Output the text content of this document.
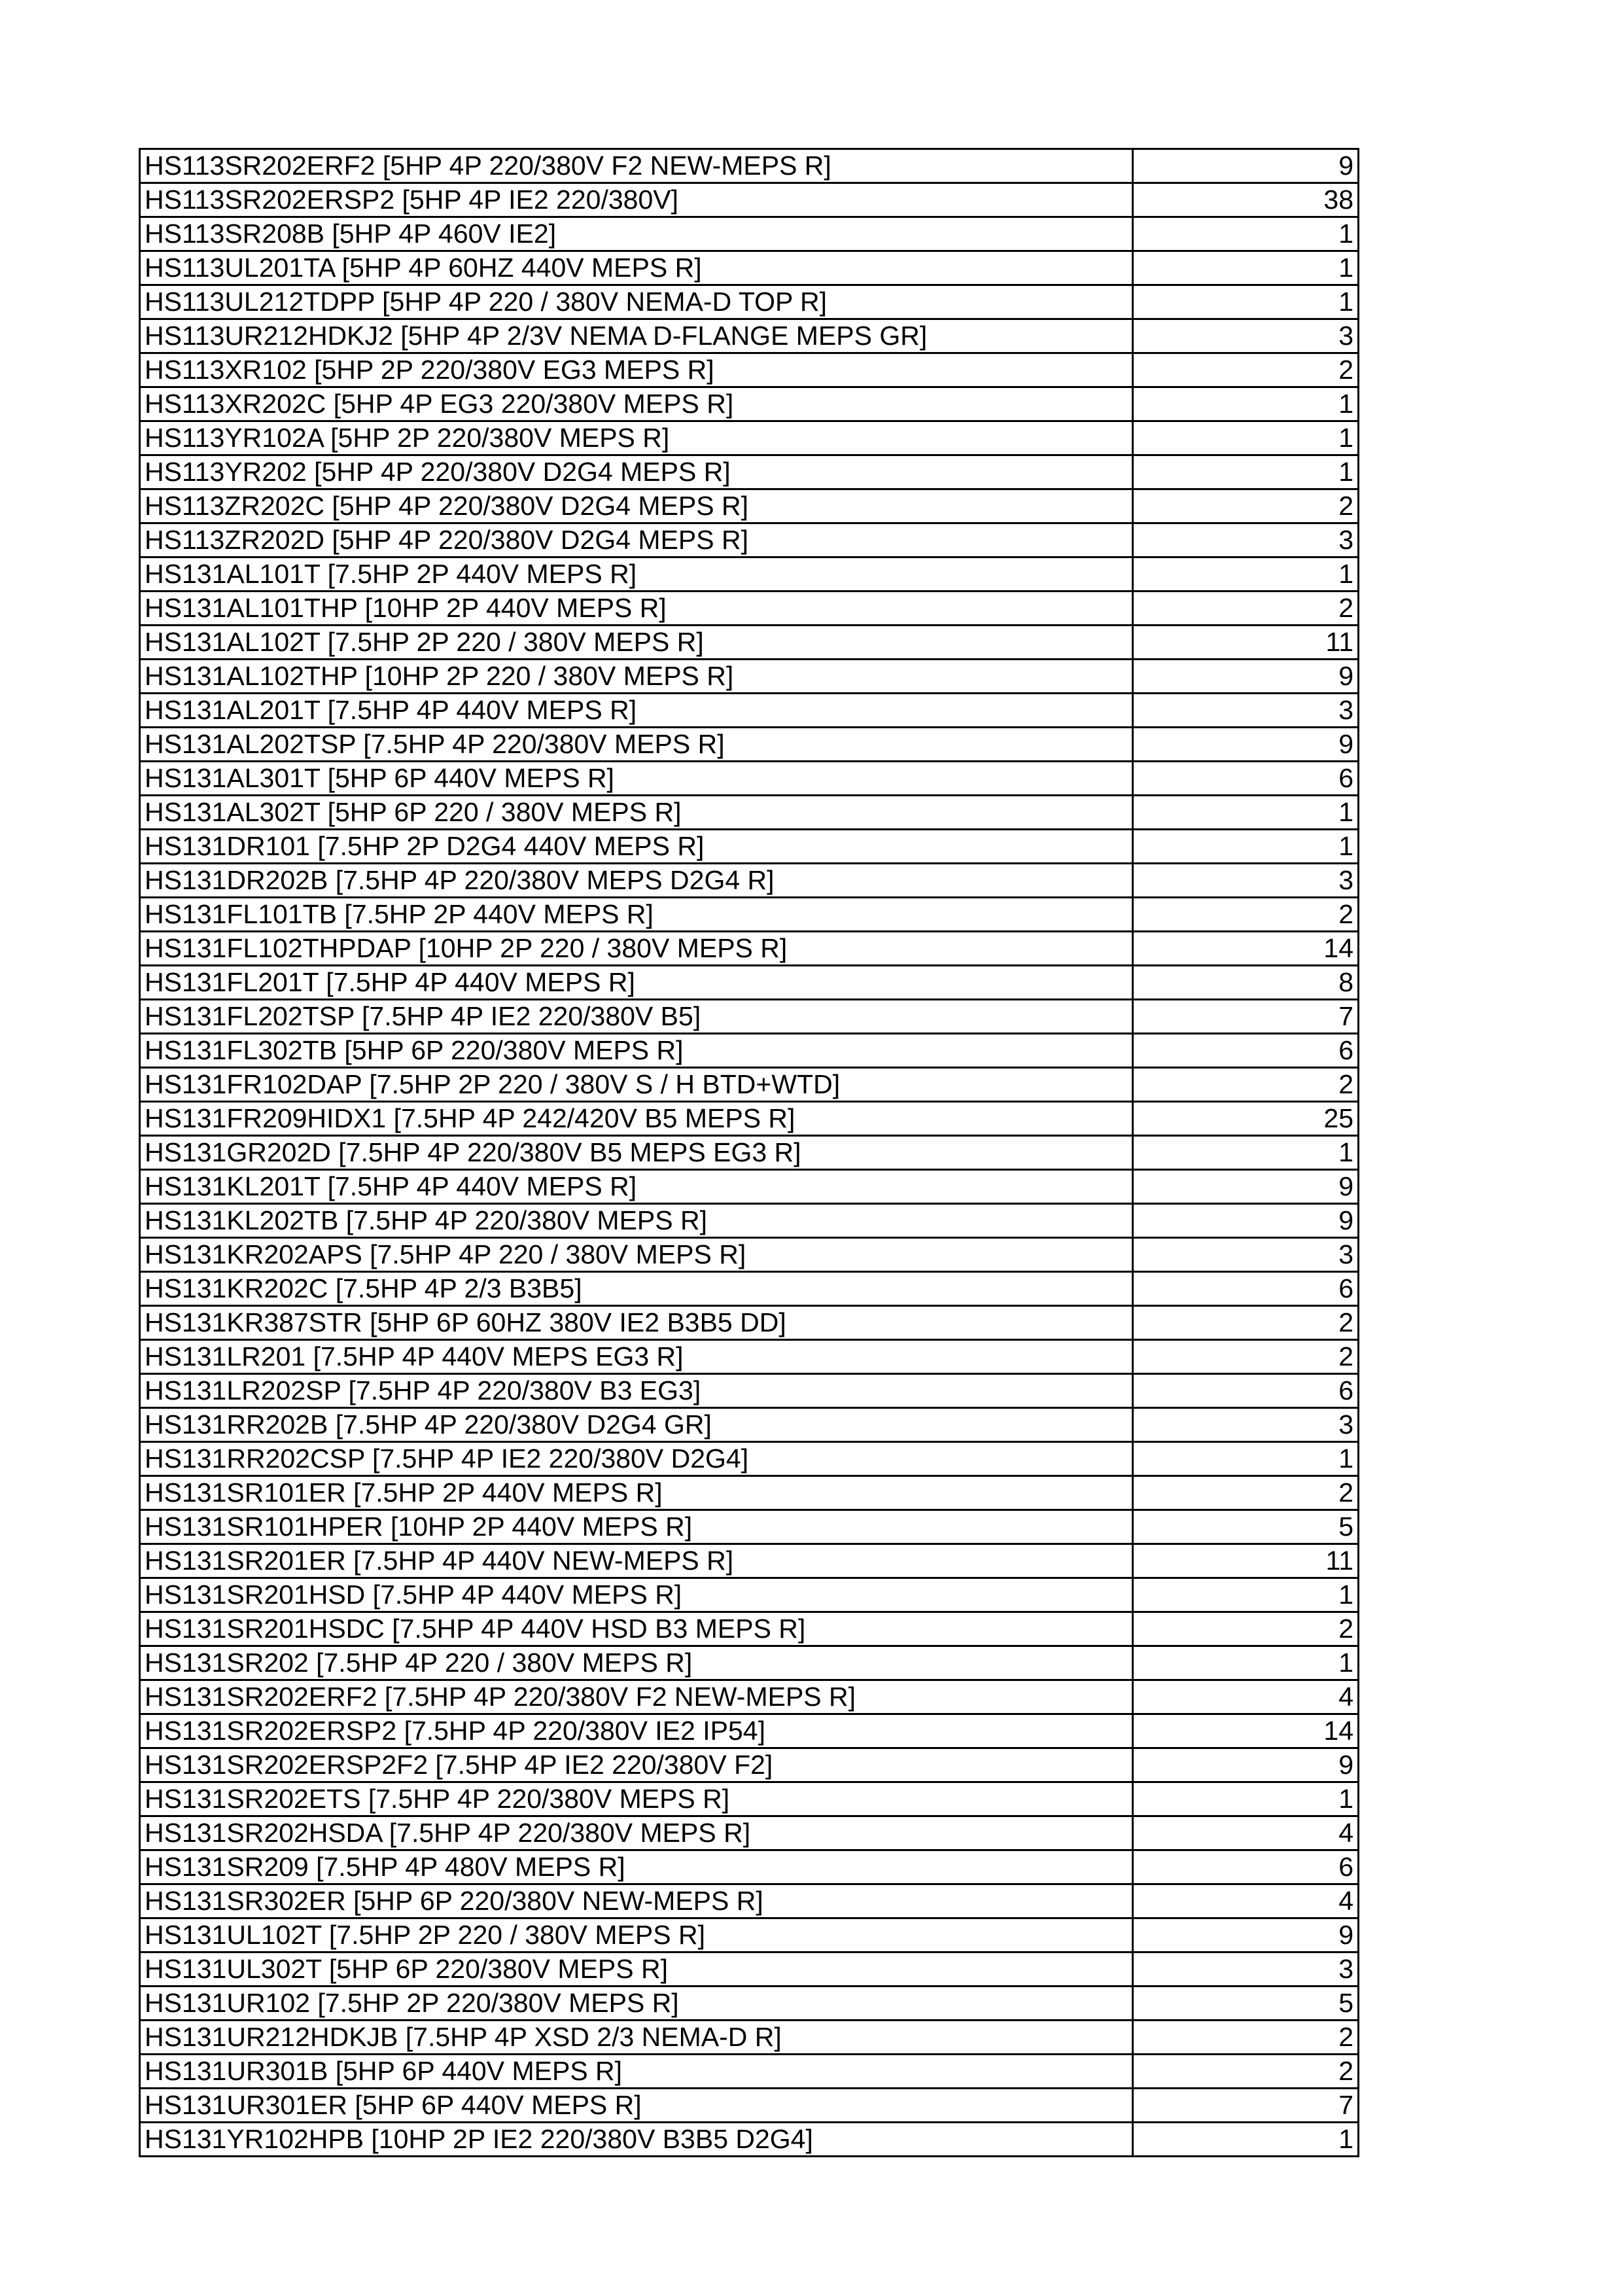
HS113SR202ERF2 [5HP 4P 220/380V F2 NEW-MEPS R]	9
HS113SR202ERSP2 [5HP 4P IE2 220/380V]	38
HS113SR208B [5HP 4P 460V IE2]	1
HS113UL201TA [5HP 4P 60HZ 440V MEPS R]	1
HS113UL212TDPP [5HP 4P 220 / 380V NEMA-D TOP R]	1
HS113UR212HDKJ2 [5HP 4P 2/3V NEMA D-FLANGE MEPS GR]	3
HS113XR102 [5HP 2P 220/380V EG3 MEPS R]	2
HS113XR202C [5HP 4P EG3 220/380V MEPS R]	1
HS113YR102A [5HP 2P 220/380V MEPS R]	1
HS113YR202 [5HP 4P 220/380V D2G4 MEPS R]	1
HS113ZR202C [5HP 4P 220/380V D2G4 MEPS R]	2
HS113ZR202D [5HP 4P 220/380V D2G4 MEPS R]	3
HS131AL101T [7.5HP 2P 440V MEPS R]	1
HS131AL101THP [10HP 2P 440V MEPS R]	2
HS131AL102T [7.5HP 2P 220 / 380V MEPS R]	11
HS131AL102THP [10HP 2P 220 / 380V MEPS R]	9
HS131AL201T [7.5HP 4P 440V MEPS R]	3
HS131AL202TSP [7.5HP 4P 220/380V MEPS R]	9
HS131AL301T [5HP 6P 440V MEPS R]	6
HS131AL302T [5HP 6P 220 / 380V MEPS R]	1
HS131DR101 [7.5HP 2P D2G4 440V MEPS R]	1
HS131DR202B [7.5HP 4P 220/380V MEPS D2G4 R]	3
HS131FL101TB [7.5HP 2P 440V MEPS R]	2
HS131FL102THPDAP [10HP 2P 220 / 380V MEPS R]	14
HS131FL201T [7.5HP 4P 440V MEPS R]	8
HS131FL202TSP [7.5HP 4P IE2 220/380V B5]	7
HS131FL302TB [5HP 6P 220/380V MEPS R]	6
HS131FR102DAP [7.5HP 2P 220 / 380V S / H BTD+WTD]	2
HS131FR209HIDX1 [7.5HP 4P 242/420V B5 MEPS R]	25
HS131GR202D [7.5HP 4P 220/380V B5 MEPS EG3 R]	1
HS131KL201T [7.5HP 4P 440V MEPS R]	9
HS131KL202TB [7.5HP 4P 220/380V MEPS R]	9
HS131KR202APS [7.5HP 4P 220 / 380V MEPS R]	3
HS131KR202C [7.5HP 4P 2/3 B3B5]	6
HS131KR387STR [5HP 6P 60HZ 380V IE2 B3B5 DD]	2
HS131LR201 [7.5HP 4P 440V MEPS EG3 R]	2
HS131LR202SP [7.5HP 4P 220/380V B3 EG3]	6
HS131RR202B [7.5HP 4P 220/380V D2G4 GR]	3
HS131RR202CSP [7.5HP 4P IE2 220/380V D2G4]	1
HS131SR101ER [7.5HP 2P 440V MEPS R]	2
HS131SR101HPER [10HP 2P 440V MEPS R]	5
HS131SR201ER [7.5HP 4P 440V NEW-MEPS R]	11
HS131SR201HSD [7.5HP 4P 440V MEPS R]	1
HS131SR201HSDC [7.5HP 4P 440V HSD B3 MEPS R]	2
HS131SR202 [7.5HP 4P 220 / 380V MEPS R]	1
HS131SR202ERF2 [7.5HP 4P 220/380V F2 NEW-MEPS R]	4
HS131SR202ERSP2 [7.5HP 4P 220/380V IE2 IP54]	14
HS131SR202ERSP2F2 [7.5HP 4P IE2 220/380V F2]	9
HS131SR202ETS [7.5HP 4P 220/380V MEPS R]	1
HS131SR202HSDA [7.5HP 4P 220/380V MEPS R]	4
HS131SR209 [7.5HP 4P 480V MEPS R]	6
HS131SR302ER [5HP 6P 220/380V NEW-MEPS R]	4
HS131UL102T [7.5HP 2P 220 / 380V MEPS R]	9
HS131UL302T [5HP 6P 220/380V MEPS R]	3
HS131UR102 [7.5HP 2P 220/380V MEPS R]	5
HS131UR212HDKJB [7.5HP 4P XSD 2/3 NEMA-D R]	2
HS131UR301B [5HP 6P 440V MEPS R]	2
HS131UR301ER [5HP 6P 440V MEPS R]	7
HS131YR102HPB [10HP 2P IE2 220/380V B3B5 D2G4]	1
